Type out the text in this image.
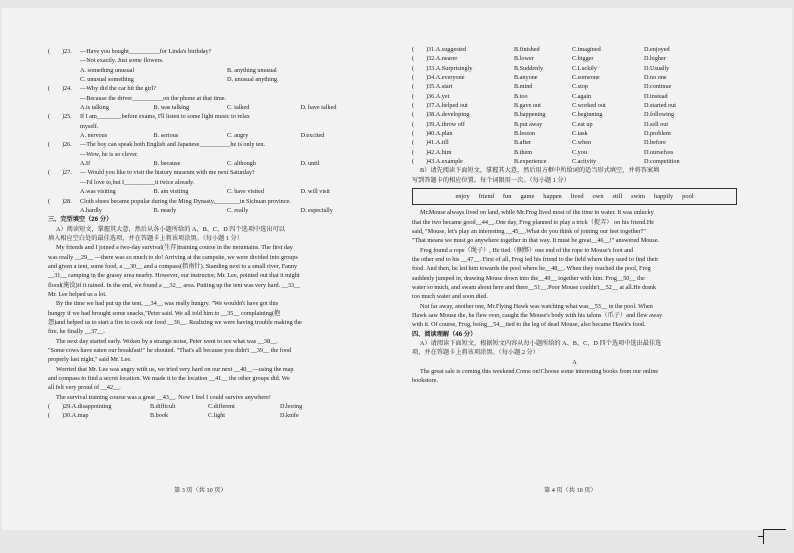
(	)23.	—Have you bought__________for Linda's birthday?
—Not exactly. Just some flowers.
A. something unusual	B. anything unusual
C. unusual something	D. unusual anything
(	)24.	—Why did the car hit the girl?
—Because the driver__________on the phone at that time.
A.is talking	B. was talking	C. talked	D. have talked
(	)25.	If I am________before exams, I'll listen to some light music to relax
myself.
A. nervous	B. serious	C. angry	D.excited
(	)26.	—The boy can speak both English and Japanese__________he is only ten.
—Wow, he is so clever.
A.If	B. because	C. although	D. until
(	)27.	— Would you like to visit the history museum with me next Saturday?
—I'd love to,but I__________it twice already.
A.was visiting	B. am visiting	C. have visited	D. will visit
(	)28.	Cloth shoes became popular during the Ming Dynasty,________in Sichuan province.
A.hardly	B. nearly	C. really	D. especially
三、完型填空（26 分）
A）阅读短文，掌握其大意，然后从各小题所给的 A、B、C、D 四个选项中选出可以
填入相应空白处的最佳选项，并在答题卡上将该项涂黑。（每小题 1 分）
My friends and I joined a two-day survival(生存)training course in the mountains. The first day
was really __29__ —there was so much to do! Arriving at the campsite, we were divided into groups
and given a tent, some food, a __30__ and a compass(指南针). Standing next to a small river, Fanny
__31__ camping in the grassy area nearby. However, our instructor, Mr. Lee, pointed out that it might
flood(淹没)if it rained. In the end, we found a __32__ area. Putting up the tent was very hard. __33__
Mr. Lee helped us a lot.
By the time we had put up the tent, __34__ was really hungry. "We wouldn't have got this
hungry if we had brought some snacks,"Peter said. We all told him to __35__ complaining(抱
怨)and helped us to start a fire to cook our food __36__. Realizing we were having trouble making the
fire, he finally __37__.
The next day started early. Woken by a strange noise, Peter went to see what was __38__.
"Some cows have eaten our breakfast!" he shouted. "That's all because you didn't __39__ the food
properly last night," said Mr. Lee.
Worried that Mr. Lee was angry with us, we tried very hard on our next __40__—using the map
and compass to find a secret location. We made it to the location __41__ the other groups did. We
all felt very proud of __42__.
The survival training course was a great __43__. Now I feel I could survive anywhere!
(	)29.A.disappointing	B.difficult	C.different	D.boring
(	)30.A.map	B.book	C.light	D.knife
(	)31.A.suggested	B.finished	C.imagined	D.enjoyed
(	)32.A.nearer	B.lower	C.bigger	D.higher
(	)33.A.Surprisingly	B.Suddenly	C.Luckily	D.Usually
(	)34.A.everyone	B.anyone	C.someone	D.no one
(	)35.A.start	B.mind	C.stop	D.continue
(	)36.A.yet	B.too	C.again	D.instead
(	)37.A.helped out	B.gave out	C.worked out	D.started out
(	)38.A.developing	B.happening	C.beginning	D.following
(	)39.A.throw off	B.put away	C.eat up	D.sell out
(	)40.A.plan	B.lesson	C.task	D.problem
(	)41.A.till	B.after	C.when	D.before
(	)42.A.him	B.them	C.you	D.ourselves
(	)43.A.example	B.experience	C.activity	D.competition
B）请先阅读下面短文，掌握其大意，然后用方框中所给词的适当形式填空，并将答案填
写到答题卡的相应位置。每个词限用一次。（每小题 1 分）
enjoy friend fun game happen lived own still swim happily pool
Mr.Mouse always lived on land, while Mr.Frog lived most of the time in water. It was unlucky
that the two became good__44__.One day, Frog planned to play a trick（捉弄） on his friend.He
said, "Mouse, let's play an interesting __45__.What do you think of joining our feet together?"
"That means we must go anywhere together in that way. It must be great__46__!" answered Mouse.
Frog found a rope（绳子）, He tied（捆绑）one end of the rope to Mouse's foot and
the other end to his __47__. First of all, Frog led his friend to the field where they used to find their
food. And then, he led him towards the pool where he__48__. When they reached the pool, Frog
suddenly jumped in, drawing Mouse down into the__49__ together with him. Frog__50__ the
water so much, and swam about here and there__51__.Poor Mouse couldn't__52__ at all.He drank
too much water and soon died.
Not far away, another one, Mr.Flying Hawk was watching what was__53__ in the pool. When
Hawk saw Mouse die, he flew over, caught the Mouse's body with his talons（爪子）and flew away
with it. Of course, Frog, being__54__tied to the leg of dead Mouse, also became Hawk's food.
四、阅读理解（46 分）
A）请阅读下面短文，根据短文内容从每小题所给的 A、B、C、D 四个选项中选出最佳选
项，并在答题卡上将该项涂黑。（每小题 2 分）
A
The great sale is coming this weekend.Come on!Choose some interesting books from our online
bookstore.
第 3 页（共 10 页）	第 4 页（共 10 页）
